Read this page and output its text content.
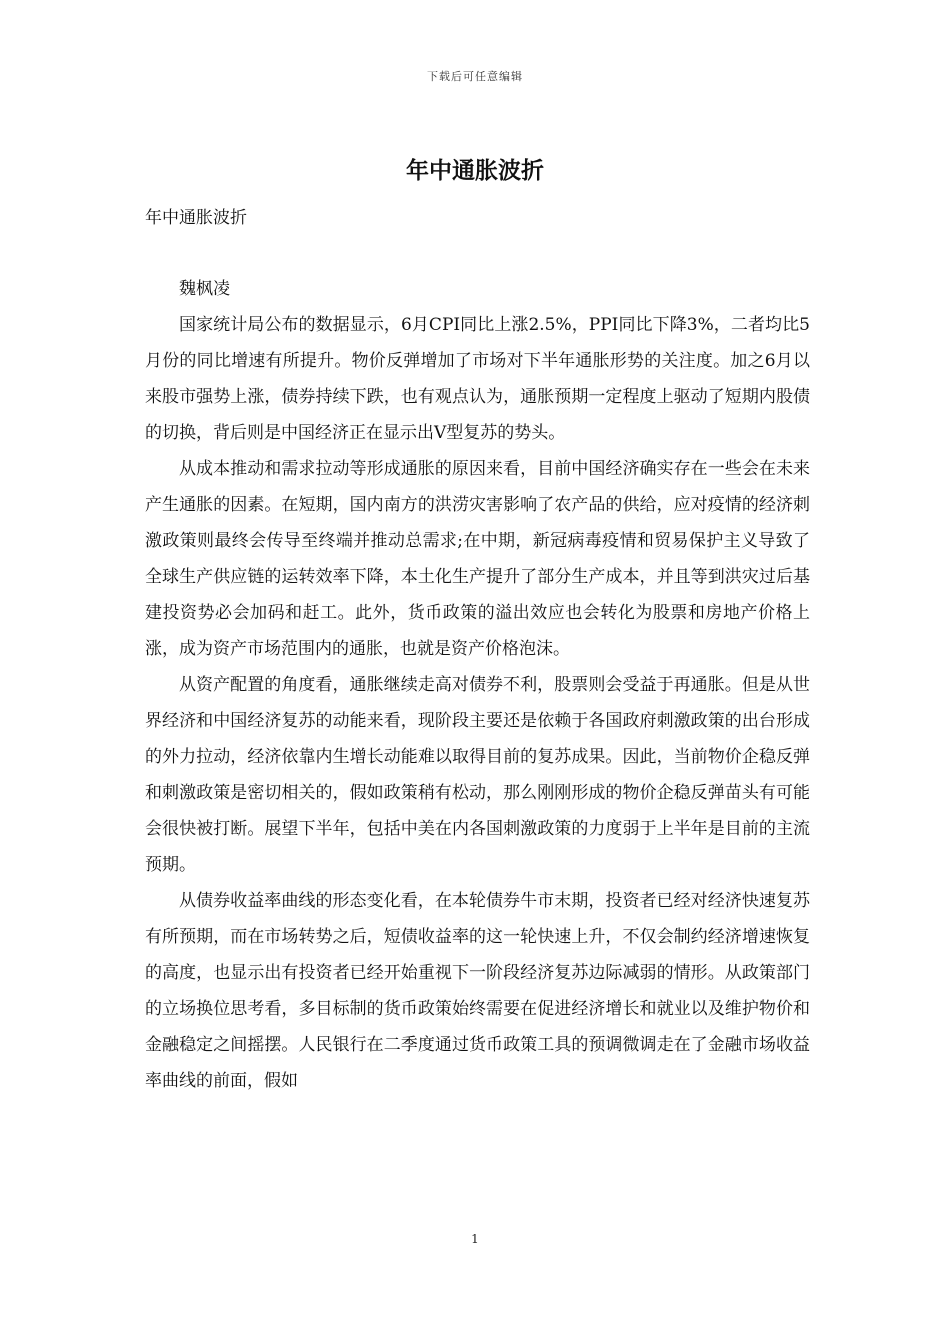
下载后可任意编辑
年中通胀波折

年中通胀波折

魏枫凌

国家统计局公布的数据显示，6月CPI同比上涨2.5%，PPI同比下降3%，二者均比5月份的同比增速有所提升。物价反弹增加了市场对下半年通胀形势的关注度。加之6月以来股市强势上涨，债券持续下跌，也有观点认为，通胀预期一定程度上驱动了短期内股债的切换，背后则是中国经济正在显示出V型复苏的势头。

从成本推动和需求拉动等形成通胀的原因来看，目前中国经济确实存在一些会在未来产生通胀的因素。在短期，国内南方的洪涝灾害影响了农产品的供给，应对疫情的经济刺激政策则最终会传导至终端并推动总需求;在中期，新冠病毒疫情和贸易保护主义导致了全球生产供应链的运转效率下降，本土化生产提升了部分生产成本，并且等到洪灾过后基建投资势必会加码和赶工。此外，货币政策的溢出效应也会转化为股票和房地产价格上涨，成为资产市场范围内的通胀，也就是资产价格泡沫。

从资产配置的角度看，通胀继续走高对债券不利，股票则会受益于再通胀。但是从世界经济和中国经济复苏的动能来看，现阶段主要还是依赖于各国政府刺激政策的出台形成的外力拉动，经济依靠内生增长动能难以取得目前的复苏成果。因此，当前物价企稳反弹和刺激政策是密切相关的，假如政策稍有松动，那么刚刚形成的物价企稳反弹苗头有可能会很快被打断。展望下半年，包括中美在内各国刺激政策的力度弱于上半年是目前的主流预期。

从债券收益率曲线的形态变化看，在本轮债券牛市末期，投资者已经对经济快速复苏有所预期，而在市场转势之后，短债收益率的这一轮快速上升，不仅会制约经济增速恢复的高度，也显示出有投资者已经开始重视下一阶段经济复苏边际减弱的情形。从政策部门的立场换位思考看，多目标制的货币政策始终需要在促进经济增长和就业以及维护物价和金融稳定之间摇摆。人民银行在二季度通过货币政策工具的预调微调走在了金融市场收益率曲线的前面，假如

1
